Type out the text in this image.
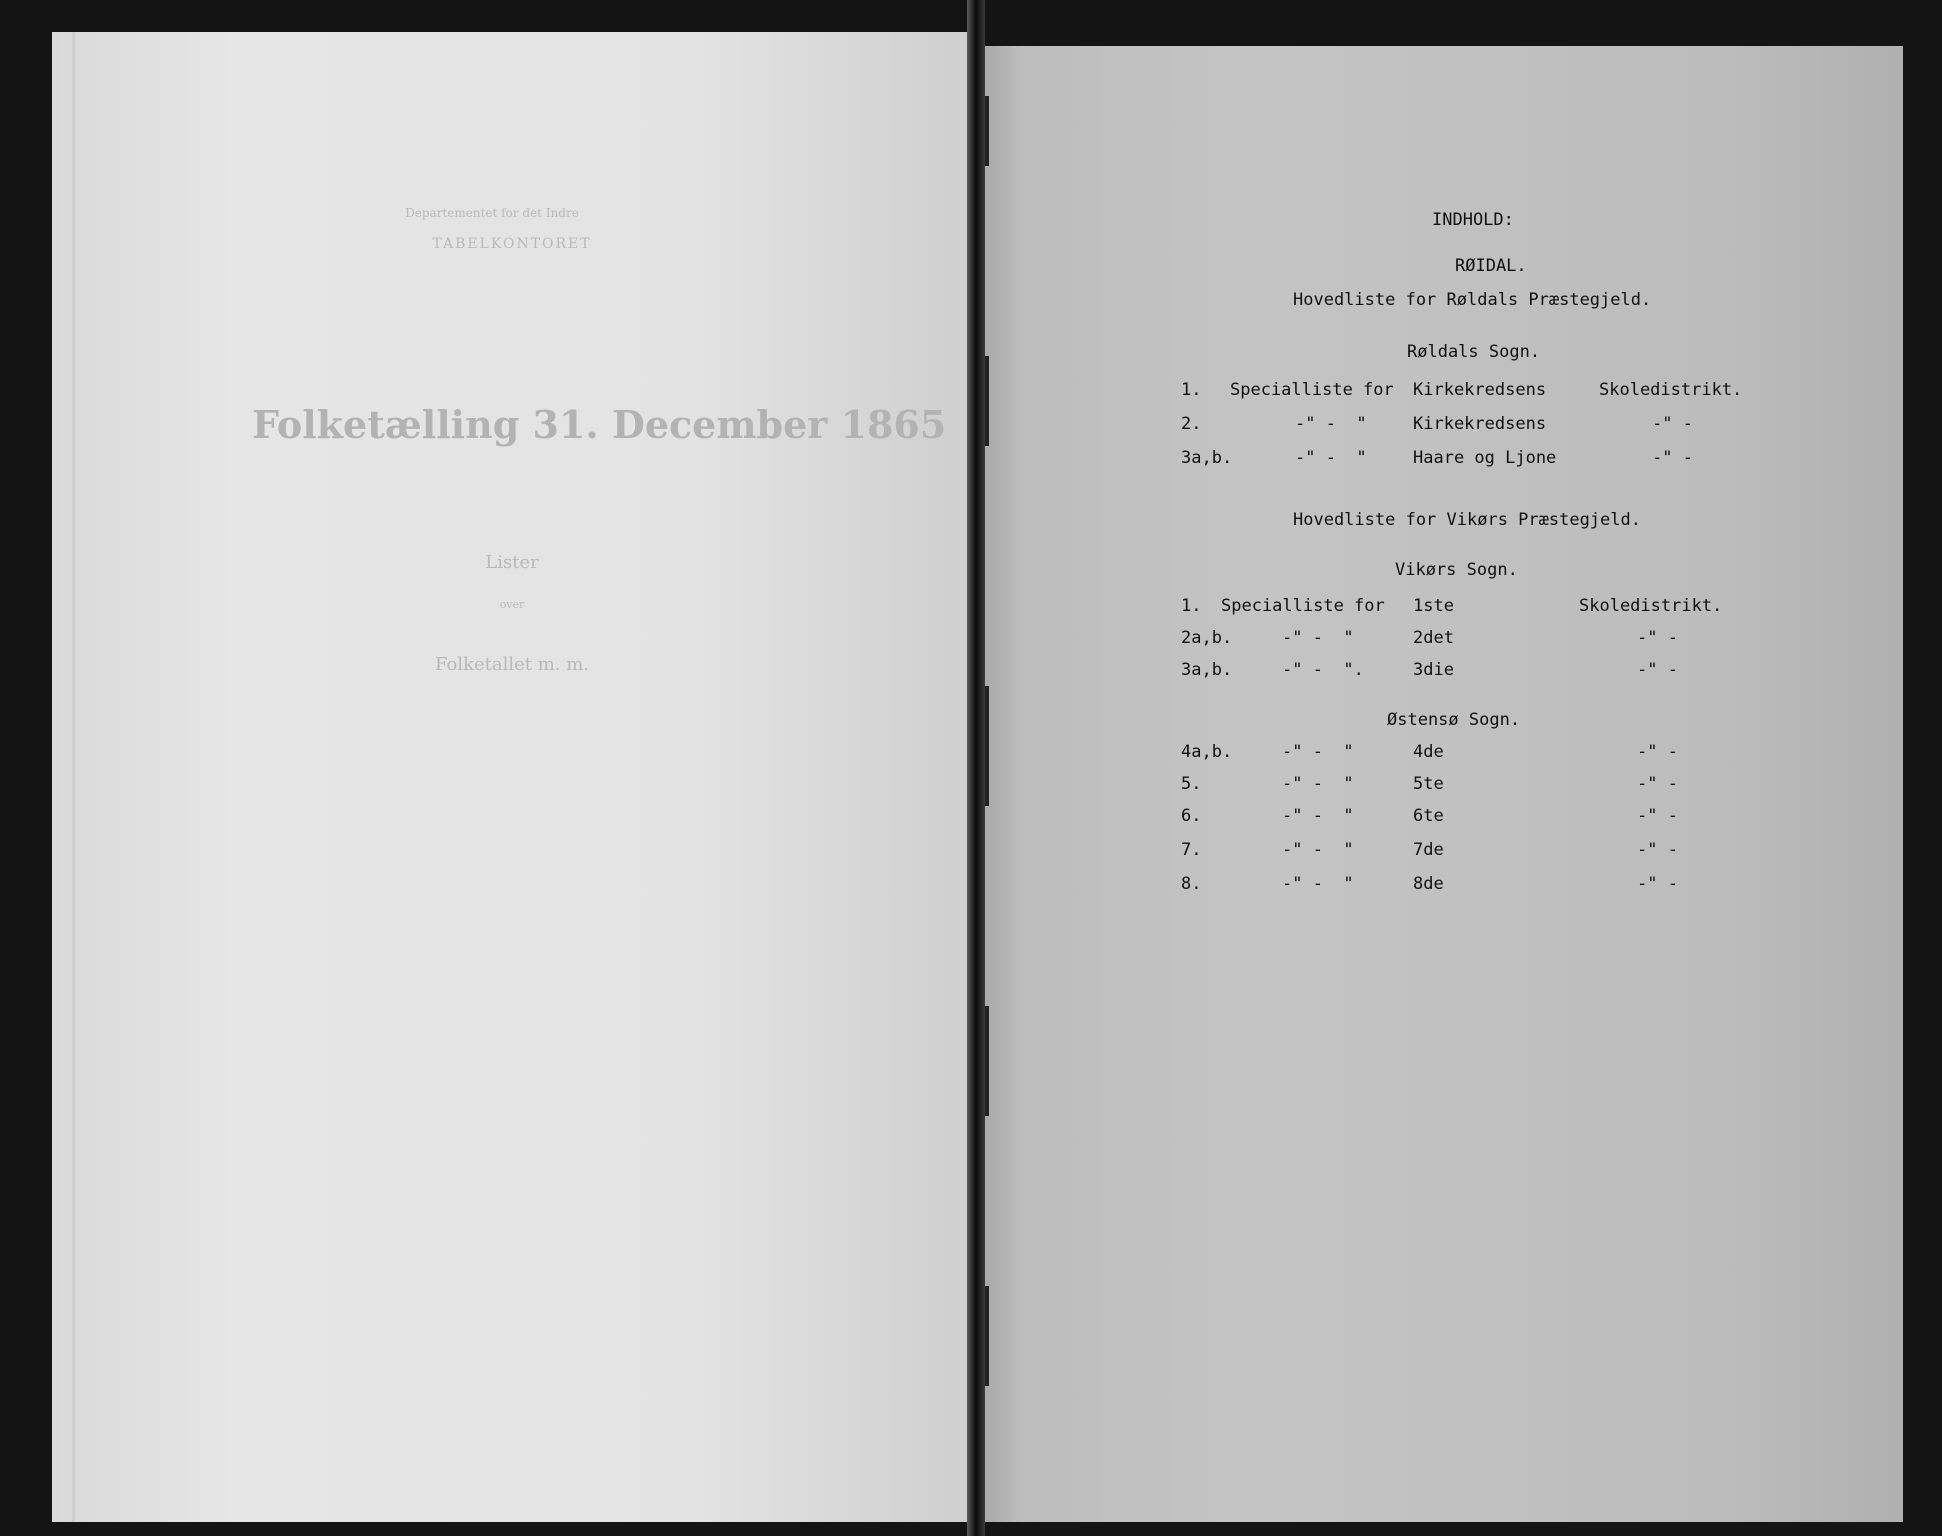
Departementet for det Indre
TABELKONTORET
Folketælling 31. December 1865
Lister
over
Folketallet m. m.
INDHOLD:
RØIDAL.
Hovedliste for Røldals Præstegjeld.
Røldals Sogn.
1. Specialliste for Kirkekredsens	Skoledistrikt.
2.	-" -  "	Kirkekredsens	-" -
3a,b.	-" -  "	Haare og Ljone	-" -
Hovedliste for Vikørs Præstegjeld.
Vikørs Sogn.
1. Specialliste for 1ste	Skoledistrikt.
2a,b.	-" -  "	2det	-" -
3a,b.	-" -  ".	3die	-" -
Østensø Sogn.
4a,b.	-" -  "	4de	-" -
5.	-" -  "	5te	-" -
6.	-" -  "	6te	-" -
7.	-" -  "	7de	-" -
8.	-" -  "	8de	-" -
